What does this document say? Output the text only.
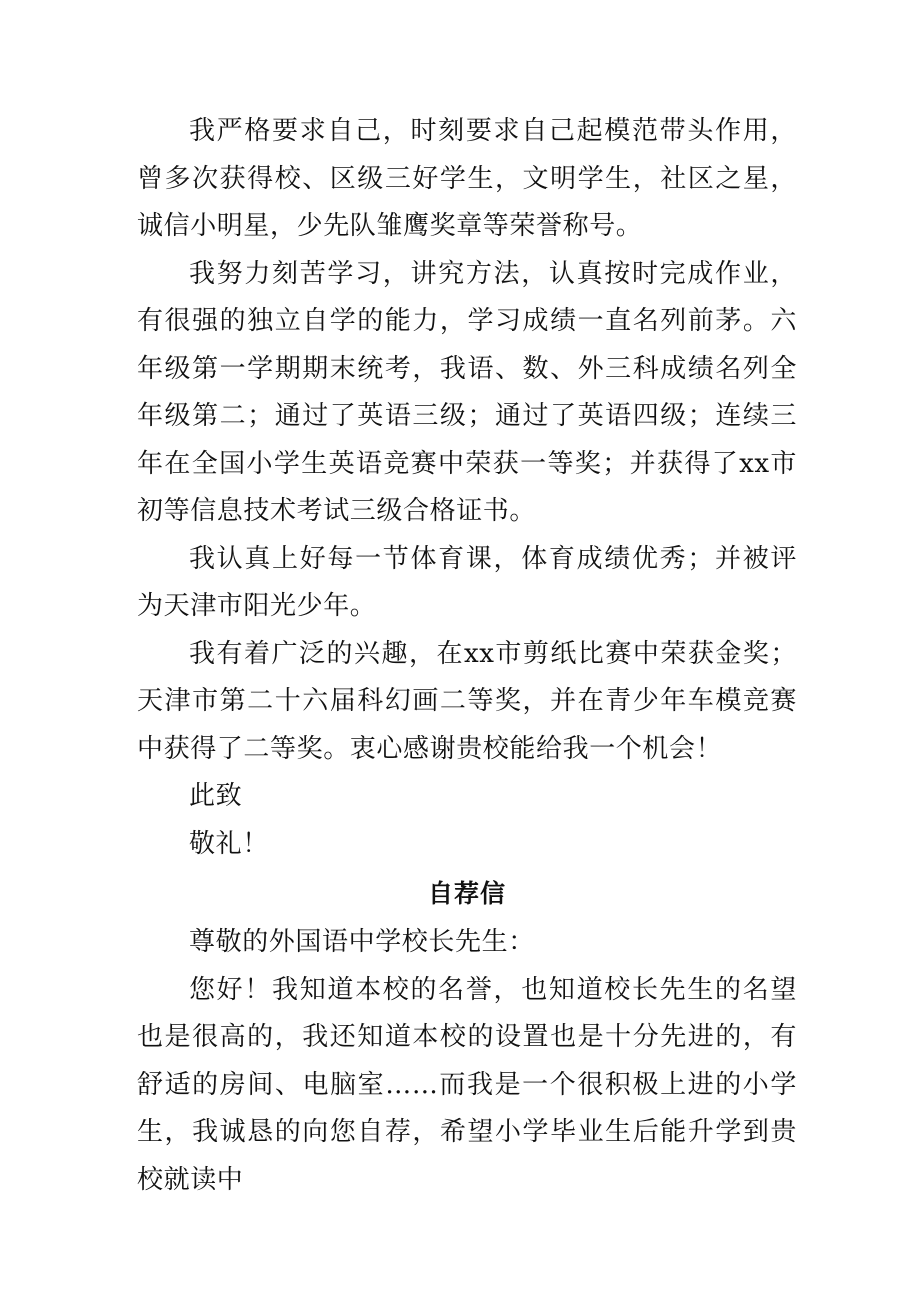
我严格要求自己，时刻要求自己起模范带头作用，曾多次获得校、区级三好学生，文明学生，社区之星，诚信小明星，少先队雏鹰奖章等荣誉称号。

我努力刻苦学习，讲究方法，认真按时完成作业，有很强的独立自学的能力，学习成绩一直名列前茅。六年级第一学期期末统考，我语、数、外三科成绩名列全年级第二；通过了英语三级；通过了英语四级；连续三年在全国小学生英语竞赛中荣获一等奖；并获得了xx市初等信息技术考试三级合格证书。

我认真上好每一节体育课，体育成绩优秀；并被评为天津市阳光少年。

我有着广泛的兴趣，在xx市剪纸比赛中荣获金奖；天津市第二十六届科幻画二等奖，并在青少年车模竞赛中获得了二等奖。衷心感谢贵校能给我一个机会！

此致

敬礼！

自荐信

尊敬的外国语中学校长先生：

您好！我知道本校的名誉，也知道校长先生的名望也是很高的，我还知道本校的设置也是十分先进的，有舒适的房间、电脑室……而我是一个很积极上进的小学生，我诚恳的向您自荐，希望小学毕业生后能升学到贵校就读中
